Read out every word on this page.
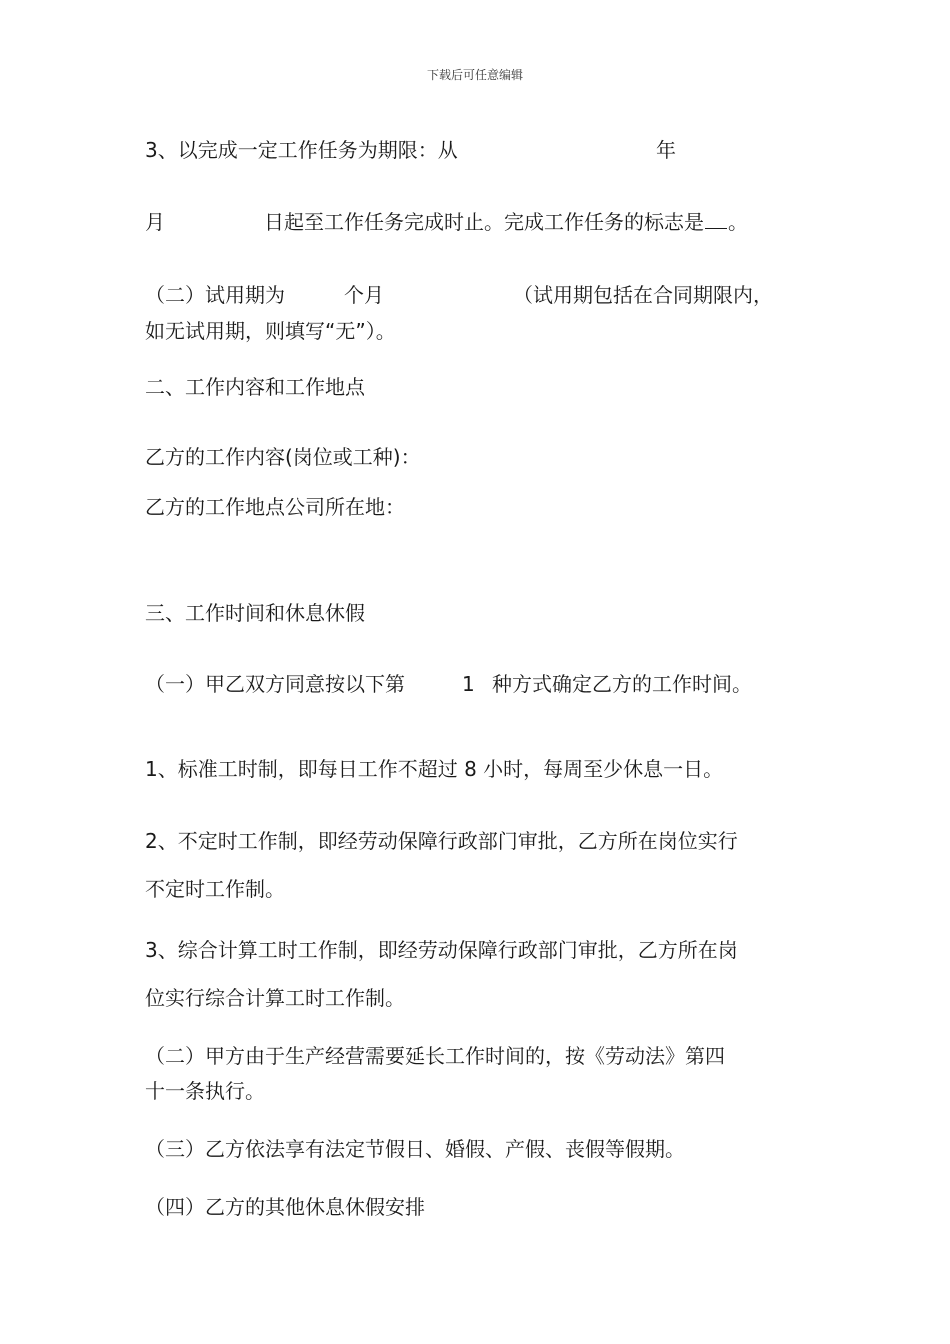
下载后可任意编辑
3、以完成一定工作任务为期限：从	年
月	日起至工作任务完成时止。完成工作任务的标志是 。
（二）试用期为	个月	（试用期包括在合同期限内，
如无试用期，则填写“无”）。
二、工作内容和工作地点
乙方的工作内容(岗位或工种)：
乙方的工作地点公司所在地：
三、工作时间和休息休假
（一）甲乙双方同意按以下第	1 种方式确定乙方的工作时间。
1、标准工时制，即每日工作不超过 8 小时，每周至少休息一日。
2、不定时工作制，即经劳动保障行政部门审批，乙方所在岗位实行
不定时工作制。
3、综合计算工时工作制，即经劳动保障行政部门审批，乙方所在岗
位实行综合计算工时工作制。
（二）甲方由于生产经营需要延长工作时间的，按《劳动法》第四
十一条执行。
（三）乙方依法享有法定节假日、婚假、产假、丧假等假期。
（四）乙方的其他休息休假安排
